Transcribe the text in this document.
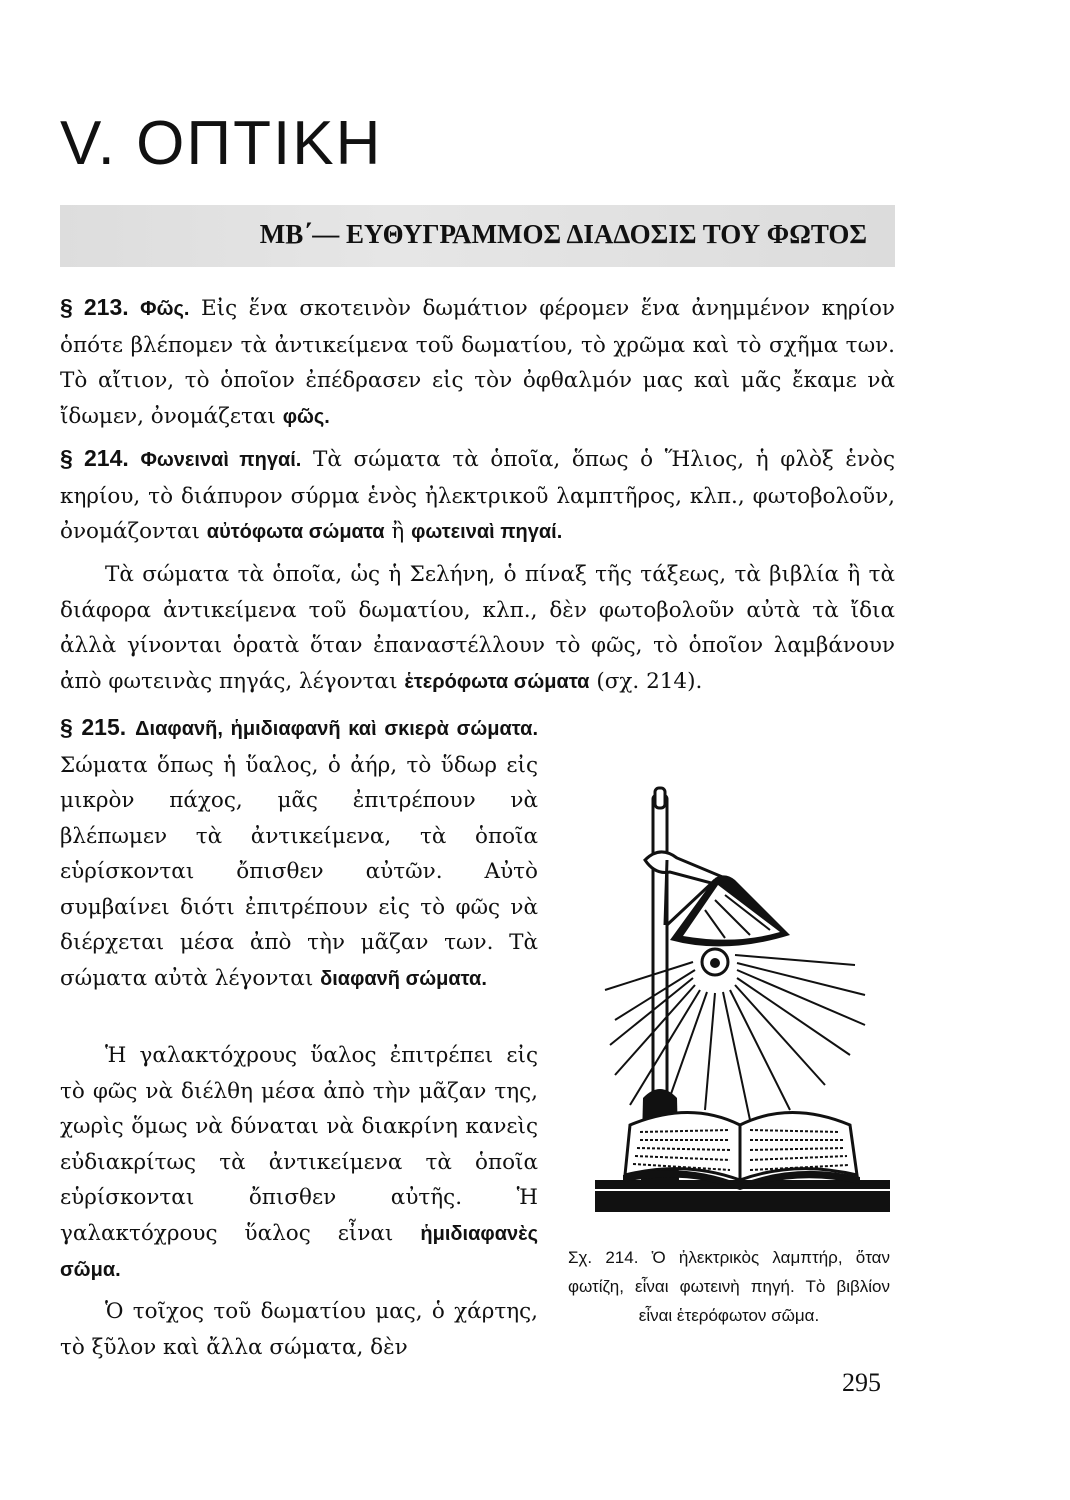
V. ΟΠΤΙΚΗ
ΜΒ΄— ΕΥΘΥΓΡΑΜΜΟΣ ΔΙΑΔΟΣΙΣ ΤΟΥ ΦΩΤΟΣ

§ 213. Φῶς. Εἰς ἕνα σκοτεινὸν δωμάτιον φέρομεν ἕνα ἀνημμένον κηρίον ὁπότε βλέπομεν τὰ ἀντικείμενα τοῦ δωματίου, τὸ χρῶμα καὶ τὸ σχῆμα των. Τὸ αἴτιον, τὸ ὁποῖον ἐπέδρασεν εἰς τὸν ὀφθαλμόν μας καὶ μᾶς ἔκαμε νὰ ἴδωμεν, ὀνομάζεται φῶς.

§ 214. Φωνειναὶ πηγαί. Τὰ σώματα τὰ ὁποῖα, ὅπως ὁ Ἥλιος, ἡ φλὸξ ἑνὸς κηρίου, τὸ διάπυρον σύρμα ἑνὸς ἠλεκτρικοῦ λαμπτῆρος, κλπ., φωτοβολοῦν, ὀνομάζονται αὐτόφωτα σώματα ἢ φωτειναὶ πηγαί.

Τὰ σώματα τὰ ὁποῖα, ὡς ἡ Σελήνη, ὁ πίναξ τῆς τάξεως, τὰ βιβλία ἢ τὰ διάφορα ἀντικείμενα τοῦ δωματίου, κλπ., δὲν φωτοβολοῦν αὐτὰ τὰ ἴδια ἀλλὰ γίνονται ὁρατὰ ὅταν ἐπαναστέλλουν τὸ φῶς, τὸ ὁποῖον λαμβάνουν ἀπὸ φωτεινὰς πηγάς, λέγονται ἑτερόφωτα σώματα (σχ. 214).

§ 215. Διαφανῆ, ἡμιδιαφανῆ καὶ σκιερὰ σώματα. Σώματα ὅπως ἡ ὕαλος, ὁ ἀήρ, τὸ ὕδωρ εἰς μικρὸν πάχος, μᾶς ἐπιτρέπουν νὰ βλέπωμεν τὰ ἀντικείμενα, τὰ ὁποῖα εὑρίσκονται ὄπισθεν αὐτῶν. Αὐτὸ συμβαίνει διότι ἐπιτρέπουν εἰς τὸ φῶς νὰ διέρχεται μέσα ἀπὸ τὴν μᾶζαν των. Τὰ σώματα αὐτὰ λέγονται διαφανῆ σώματα.

Ἡ γαλακτόχρους ὕαλος ἐπιτρέπει εἰς τὸ φῶς νὰ διέλθη μέσα ἀπὸ τὴν μᾶζαν της, χωρὶς ὅμως νὰ δύναται νὰ διακρίνη κανεὶς εὐδιακρίτως τὰ ἀντικείμενα τὰ ὁποῖα εὑρίσκονται ὄπισθεν αὐτῆς. Ἡ γαλακτόχρους ὕαλος εἶναι ἡμιδιαφανὲς σῶμα.

Ὁ τοῖχος τοῦ δωματίου μας, ὁ χάρτης, τὸ ξῦλον καὶ ἄλλα σώματα, δὲν

Σχ. 214. Ὁ ἠλεκτρικὸς λαμπτήρ, ὅταν φωτίζη, εἶναι φωτεινὴ πηγή. Τὸ βιβλίον εἶναι ἑτερόφωτον σῶμα.

295
